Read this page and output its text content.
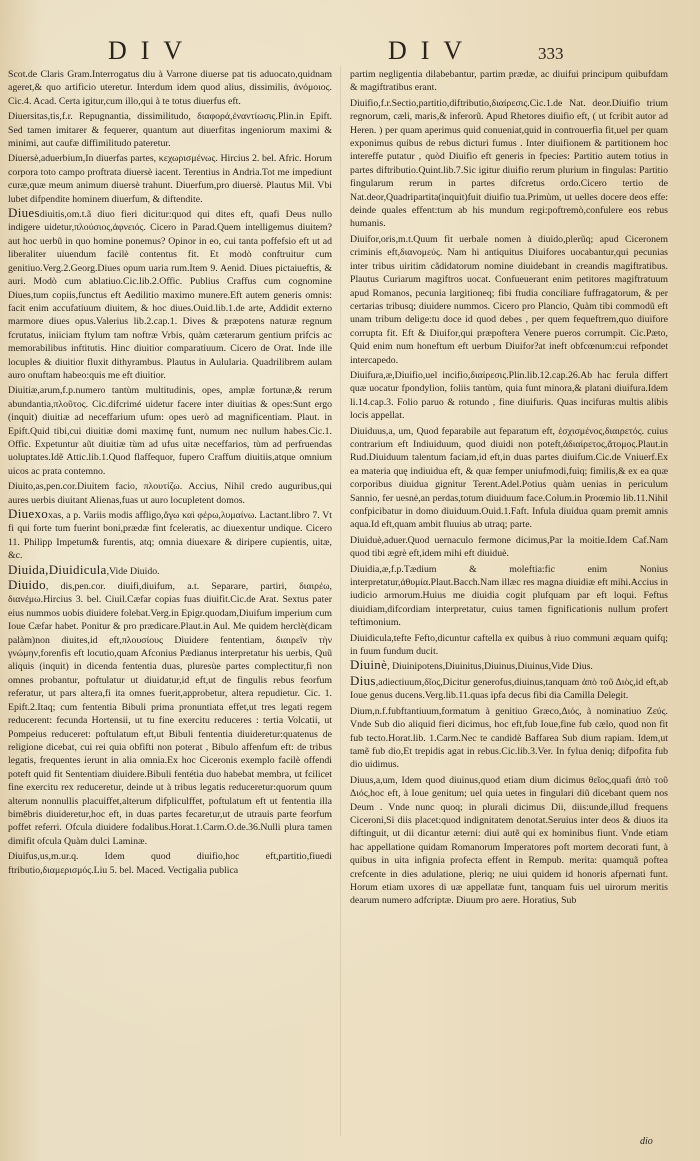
DIV	DIV	333

Scot.de Claris Gram.Interrogatus diu à Varrone diuerse pat tis aduocato,quidnam ageret,& quo artificio uteretur. Interdum idem quod alius, dissimilis, ἀνόμοιος. Cic.4. Acad. Certa igitur,cum illo,qui à te totus diuerfus eft.

Diuersitas,tis,f.r. Repugnantia, dissimilitudo, διαφορά,ἐναντίωσις.Plin.in Epift. Sed tamen imitarer & fequerer, quantum aut diuerfitas ingeniorum maximi & minimi, aut caufæ diffimilitudo pateretur.

Diuersè,aduerbium,In diuerfas partes, κεχωρισμένως. Hircius 2. bel. Afric. Horum corpora toto campo proftrata diuersè iacent. Terentius in Andria.Tot me impediunt curæ,quæ meum animum diuersè trahunt. Diuerfum,pro diuersè. Plautus Mil. Vbi lubet difpendite hominem diuerfum, & diftendite.

Diuesdiuitis,om.t.ã diuo fieri dicitur:quod qui dites eft, quafi Deus nullo indigere uidetur,πλούσιος,ἀφνειός. Cicero in Parad.Quem intelligemus diuitem?aut hoc uerbũ in quo homine ponemus? Opinor in eo, cui tanta poffefsio eft ut ad liberaliter uiuendum facilè contentus fit. Et modò conftruitur cum genitiuo.Verg.2.Georg.Diues opum uaria rum.Item 9. Aenid. Diues pictaiueftis, & auri. Modò cum ablatiuo.Cic.lib.2.Offic. Publius Craffus cum cognomine Diues,tum copiis,functus eft Aedilitio maximo munere.Eft autem generis omnis: facit enim accufatiuum diuitem, & hoc diues.Ouid.lib.1.de arte, Addidit externo marmore diues opus.Valerius lib.2.cap.1. Dives & præpotens naturæ regnum fcrutatus, iniiciam ftylum tam noftræ Vrbis, quàm cæterarum gentium prifcis ac memorabilibus inftitutis. Hinc diuitior comparatiuum. Cicero de Orat. Inde ille locuples & diuitior fluxit dithyrambus. Plautus in Aulularia. Quadrilibrem aulam auro onuftam habeo:quis me eft diuitior.

Diuitiæ,arum,f.p.numero tantùm multitudinis, opes, amplæ fortunæ,& rerum abundantia,πλοῦτος. Cic.difcrimé uidetur facere inter diuitias & opes:Sunt ergo (inquit) diuitiæ ad neceffarium ufum: opes uerò ad magnificentiam. Plaut. in Epift.Quid tibi,cui diuitiæ domi maximę funt, numum nec nullum habes.Cic.1. Offic. Expetuntur aũt diuitiæ tùm ad ufus uitæ neceffarios, tùm ad perfruendas uoluptates.Idẽ Attic.lib.1.Quod flaffequor, fupero Craffum diuitiis,atque omnium uicos ac prata contemno.

Diuito,as,pen.cor.Diuitem facio, πλουτίζω. Accius, Nihil credo auguribus,qui aures uerbis diuitant Alienas,fuas ut auro locupletent domos.

Diuexoxas, a p. Variis modis affligo,ἄγω καὶ φέρω,λυμαίνω. Lactant.libro 7. Vt fi qui forte tum fuerint boni,prædæ fint fceleratis, ac diuexentur undique. Cicero 11. Philipp Impetum& furentis, atq; omnia diuexare & diripere cupientis, uitæ, &c.

Diuida,Diuidicula,Vide Diuido.

Diuido, dis,pen.cor. diuifi,diuifum, a.t. Separare, partiri, διαιρέω, διανέμω.Hircius 3. bel. Ciuil.Cæfar copias fuas diuifit.Cic.de Arat. Sextus pater eius nummos uobis diuidere folebat.Verg.in Epigr.quodam,Diuifum imperium cum Ioue Cæfar habet. Ponitur & pro prædicare.Plaut.in Aul. Me quidem herclè(dicam palàm)non diuites,id eft,πλουσίους Diuidere fententiam, διαιρεῖν τὴν γνώμην,forenfis eft locutio,quam Afconius Pædianus interpretatur his uerbis, Quũ aliquis (inquit) in dicenda fententia duas, pluresùe partes complectitur,fi non omnes probantur, poftulatur ut diuidatur,id eft,ut de fingulis rebus feorfum referatur, ut pars altera,fi ita omnes fuerit,approbetur, altera repudietur. Cic. 1. Epift.2.Itaq; cum fententia Bibuli prima pronuntiata effet,ut tres legati regem reducerent: fecunda Hortensii, ut tu fine exercitu reduceres : tertia Volcatii, ut Pompeius reduceret: poftulatum eft,ut Bibuli fententia diuideretur:quatenus de religione dicebat, cui rei quia obfifti non poterat , Bibulo affenfum eft: de tribus legatis, frequentes ierunt in alia omnia.Ex hoc Ciceronis exemplo facilè offendi poteft quid fit Sententiam diuidere.Bibuli fentétia duo habebat membra, ut fcilicet fine exercitu rex reduceretur, deinde ut à tribus legatis reduceretur:quorum quum alterum nonnullis placuiffet,alterum difpliculffet, poftulatum eft ut fententia illa bimēbris diuideretur,hoc eft, in duas partes fecaretur,ut de utrauis parte feorfum poffet referri. Ofcula diuidere fodalibus.Horat.1.Carm.O.de.36.Nulli plura tamen dimifit ofcula Quàm dulci Laminæ.

Diuifus,us,m.ur.q. Idem quod diuifio,hoc eft,partitio,fiuedi ftributio,διαμερισμός.Liu 5. bel. Maced. Vectigalia publica

partim negligentia dilabebantur, partim prædæ, ac diuifui principum quibufdam & magiftratibus erant.

Diuifio,f.r.Sectio,partitio,diftributio,διαίρεσις.Cic.1.de Nat. deor.Diuifio trium regnorum, cæli, maris,& inferorũ. Apud Rhetores diuifio eft, ( ut fcribit autor ad Heren. ) per quam aperimus quid conueniat,quid in controuerfia fit,uel per quam exponimus quibus de rebus dicturi fumus . Inter diuifionem & partitionem hoc intereffe putatur , quòd Diuifio eft generis in fpecies: Partitio autem totius in partes diftributio.Quint.lib.7.Sic igitur diuifio rerum plurium in fingulas: Partitio fingularum rerum in partes difcretus ordo.Cicero tertio de Nat.deor,Quadripartita(inquit)fuit diuifio tua.Primùm, ut uelles docere deos effe: deinde quales effent:tum ab his mundum regi:poftremò,confulere eos rebus humanis.

Diuifor,oris,m.t.Quum fit uerbale nomen à diuido,plerũq; apud Ciceronem criminis eft,διανομεύς. Nam hi antiquitus Diuifores uocabantur,qui pecunias inter tribus uiritim cãdidatorum nomine diuidebant in creandis magiftratibus. Plautus Curiarum magiftros uocat. Confueuerant enim petitores magiftratuum apud Romanos, pecunia largitioneq; fibi ftudia conciliare fuffragatorum, & per certarias tribusq; diuidere nummos. Cicero pro Plancio, Quàm tibi commodũ eft unam tribum delige:tu doce id quod debes , per quem fequeftrem,quo diuifore corrupta fit. Eft & Diuifor,qui præpoftera Venere pueros corrumpit. Cic.Pæto, Quid enim num honeftum eft uerbum Diuifor?at ineft obfcœnum:cui refpondet intercapedo.

Diuifura,æ,Diuifio,uel incifio,διαίρεσις.Plin.lib.12.cap.26.Ab hac ferula differt quæ uocatur fpondylion, foliis tantùm, quia funt minora,& platani diuifura.Idem li.14.cap.3. Folio paruo & rotundo , fine diuifuris. Quas incifuras multis alibis locis appellat.

Diuiduus,a, um, Quod feparabile aut feparatum eft, ἐσχισμένος,διαιρετός. cuius contrarium eft Indiuiduum, quod diuidi non poteft,ἀδιαίρετος,ἄτομος.Plaut.in Rud.Diuiduum talentum faciam,id eft,in duas partes diuifum.Cic.de Vniuerf.Ex ea materia quę indiuidua eft, & quæ femper uniufmodi,fuiq; fimilis,& ex ea quæ corporibus diuidua gignitur Terent.Adel.Potius quàm uenias in periculum Sannio, fer uesnė,an perdas,totum diuiduum face.Colum.in Proœmio lib.11.Nihil confpicibatur in domo diuiduum.Ouid.1.Faft. Infula diuidua quam premit amnis aqua.Id eft,quam ambit fluuius ab utraq; parte.

Diuiduè,aduer.Quod uernaculo fermone dicimus,Par la moitie.Idem Caf.Nam quod tibi ægrè eft,idem mihi eft diuiduè.

Diuidia,æ,f.p.Tædium & moleftia:fic enim Nonius interpretatur,ἀθυμία.Plaut.Bacch.Nam illæc res magna diuidiæ eft mihi.Accius in iudicio armorum.Huius me diuidia cogit plufquam par eft loqui. Feftus diuidiam,difcordiam interpretatur, cuius tamen fignificationis nullum profert teftimonium.

Diuidicula,tefte Fefto,dicuntur caftella ex quibus à riuo communi æquam quifq; in fuum fundum ducit.

Diuinè, Diuinipotens,Diuinitus,Diuinus,Diuinus,Vide Dius.

Dius,adiectiuum,δῖος,Dicitur generofus,diuinus,tanquam ἀπὸ τοῦ Διὸς,id eft,ab Ioue genus ducens.Verg.lib.11.quas ipfa decus fibi dia Camilla Delegit.

Dium,n.f.fubftantiuum,formatum à genitiuo Græco,Διός, à nominatiuo Ζεύς. Vnde Sub dio aliquid fieri dicimus, hoc eft,fub Ioue,fine fub cælo, quod non fit fub tecto.Horat.lib. 1.Carm.Nec te candidè Baffarea Sub dium rapiam. Idem,ut tamẽ fub dio,Et trepidis agat in rebus.Cic.lib.3.Ver. In fylua deniq; difpofita fub dio uidimus.

Diuus,a,um, Idem quod diuinus,quod etiam dium dicimus θεῖος,quafi ἀπὸ τοῦ Διός,hoc eft, à Ioue genitum; uel quia uetes in fingulari diũ dicebant quem nos Deum . Vnde nunc quoq; in plurali dicimus Dii, diis:unde,illud frequens Ciceroni,Si diis placet:quod indignitatem denotat.Seruius inter deos & diuos ita diftinguit, ut dii dicantur æterni: diui autẽ qui ex hominibus fiunt. Vnde etiam hac appellatione quidam Romanorum Imperatores poft mortem decorati funt, à quibus in uita infignia profecta effent in Rempub. merita: quamquã poftea crefcente in dies adulatione, pleriq; ne uiui quidem id honoris afpernati funt. Horum etiam uxores di uæ appellatæ funt, tanquam fuis uel uirorum meritis dearum numero adfcriptæ. Diuum pro aere. Horatius, Sub

dio
